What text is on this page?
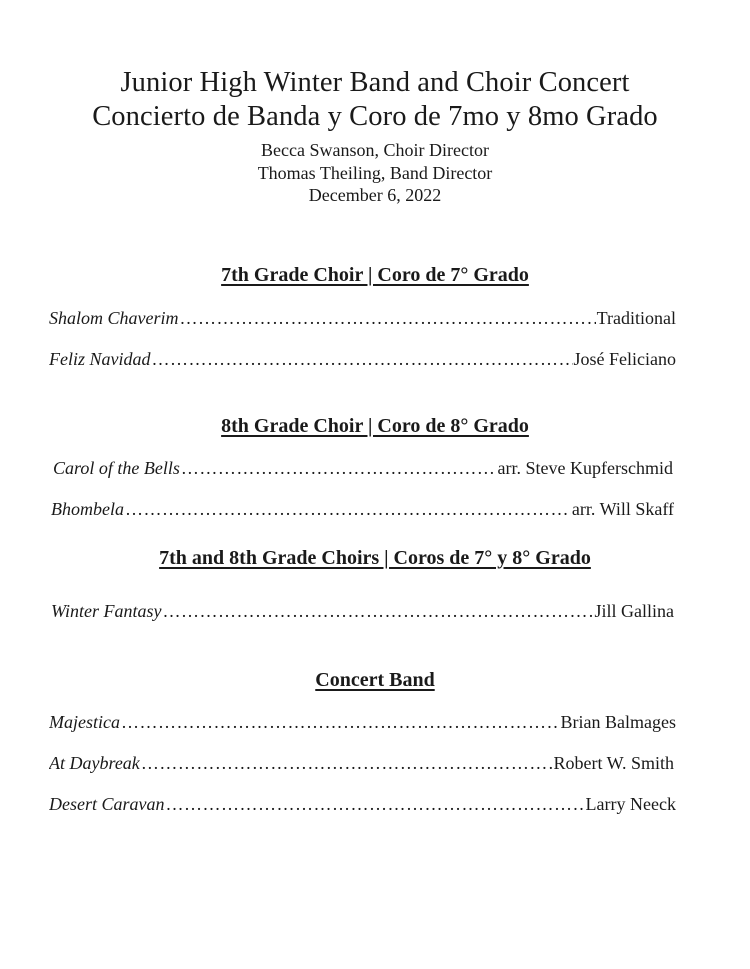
Junior High Winter Band and Choir Concert

Concierto de Banda y Coro de 7mo y 8mo Grado

Becca Swanson, Choir Director

Thomas Theiling, Band Director

December 6, 2022

7th Grade Choir | Coro de 7° Grado
Shalom Chaverim ………………………………………………………………………………………………………………………………………………	Traditional
Feliz Navidad ………………………………………………………………………………………………………………………………………………	José Feliciano
8th Grade Choir | Coro de 8° Grado
Carol of the Bells ………………………………………………………………………………………………………………………………………………	arr. Steve Kupferschmid
Bhombela ………………………………………………………………………………………………………………………………………………	arr. Will Skaff
7th and 8th Grade Choirs | Coros de 7° y 8° Grado
Winter Fantasy ………………………………………………………………………………………………………………………………………………	Jill Gallina
Concert Band
Majestica ………………………………………………………………………………………………………………………………………………	Brian Balmages
At Daybreak ………………………………………………………………………………………………………………………………………………	Robert W. Smith
Desert Caravan ………………………………………………………………………………………………………………………………………………	Larry Neeck
